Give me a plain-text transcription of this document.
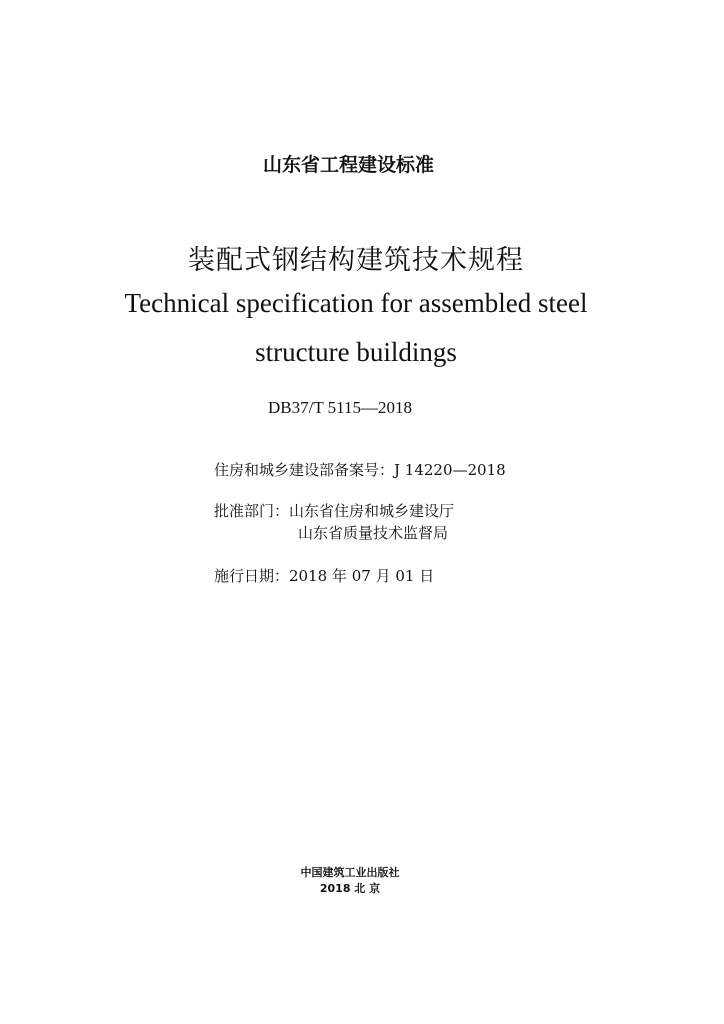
山东省工程建设标准
装配式钢结构建筑技术规程
Technical specification for assembled steel
structure buildings
DB37/T 5115—2018
住房和城乡建设部备案号：J 14220—2018
批准部门：山东省住房和城乡建设厅
山东省质量技术监督局
施行日期：2018 年 07 月 01 日
中国建筑工业出版社
2018 北 京
